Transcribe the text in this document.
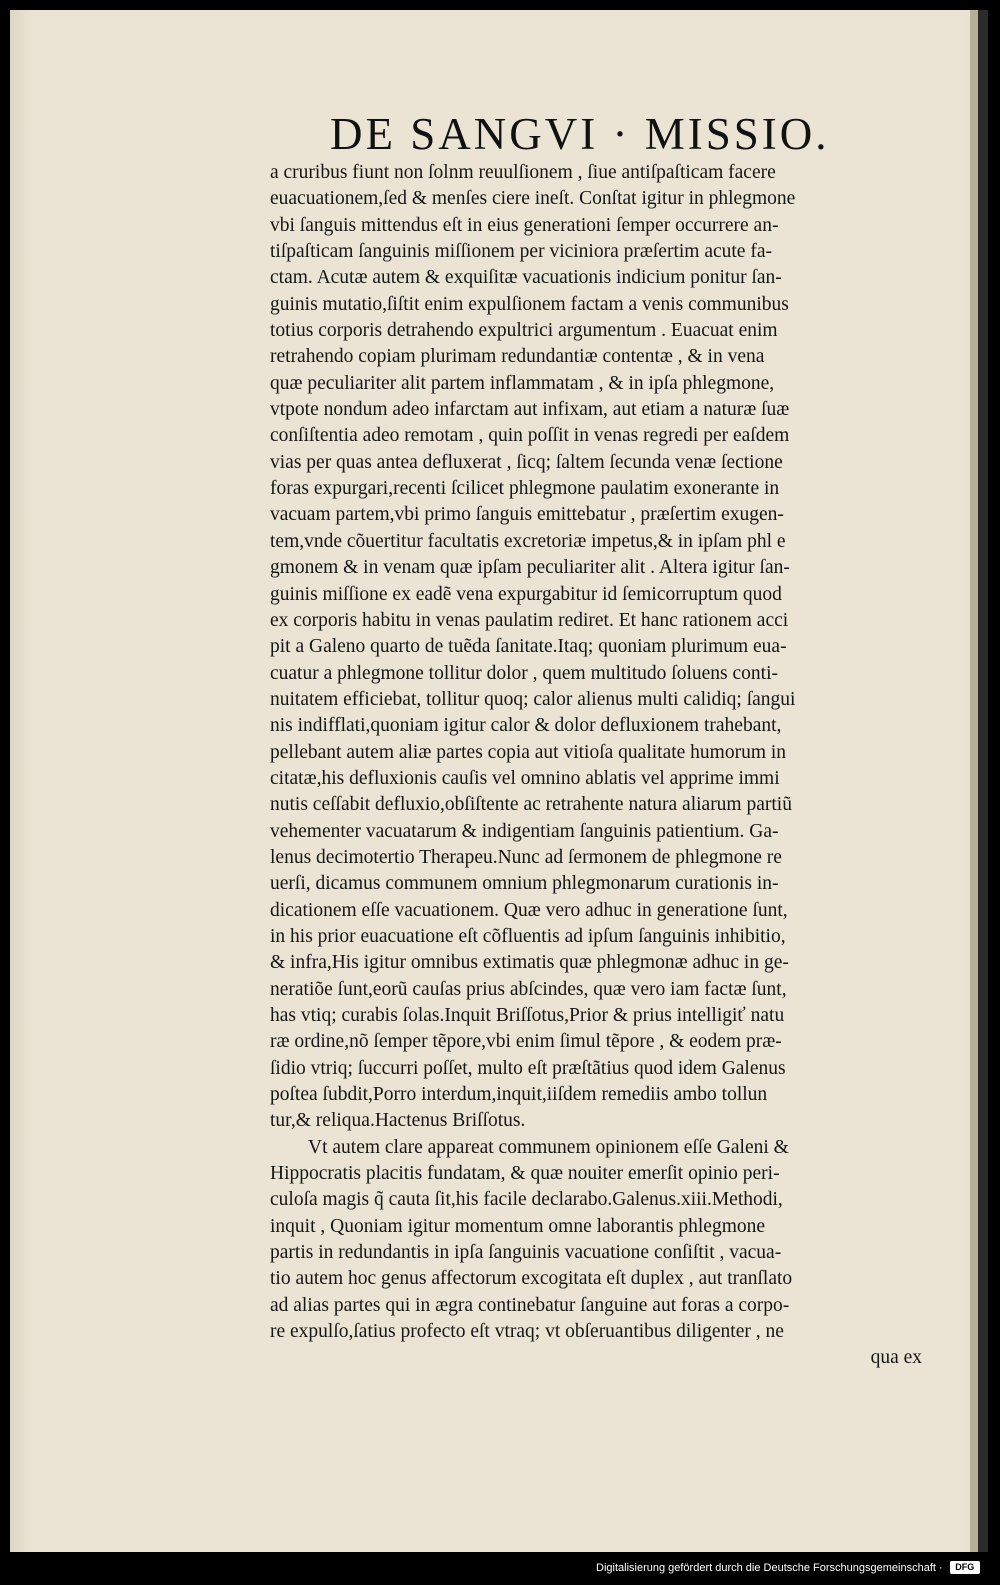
DE SANGVI · MISSIO.
a cruribus fiunt non ſolnm reuulſionem , ſiue antiſpaſticam facere
euacuationem,ſed & menſes ciere ineſt. Conſtat igitur in phlegmone
vbi ſanguis mittendus eſt in eius generationi ſemper occurrere an-
tiſpaſticam ſanguinis miſſionem per viciniora præſertim acute fa-
ctam. Acutæ autem & exquiſitæ vacuationis indicium ponitur ſan-
guinis mutatio,ſiſtit enim expulſionem factam a venis communibus
totius corporis detrahendo expultrici argumentum . Euacuat enim
retrahendo copiam plurimam redundantiæ contentæ , & in vena
quæ peculiariter alit partem inflammatam , & in ipſa phlegmone,
vtpote nondum adeo infarctam aut infixam, aut etiam a naturæ ſuæ
conſiſtentia adeo remotam , quin poſſit in venas regredi per eaſdem
vias per quas antea defluxerat , ſicq; ſaltem ſecunda venæ ſectione
foras expurgari,recenti ſcilicet phlegmone paulatim exonerante in
vacuam partem,vbi primo ſanguis emittebatur , præſertim exugen-
tem,vnde cõuertitur facultatis excretoriæ impetus,& in ipſam phl e
gmonem & in venam quæ ipſam peculiariter alit . Altera igitur ſan-
guinis miſſione ex eadẽ vena expurgabitur id ſemicorruptum quod
ex corporis habitu in venas paulatim rediret. Et hanc rationem acci
pit a Galeno quarto de tuẽda ſanitate.Itaq; quoniam plurimum eua-
cuatur a phlegmone tollitur dolor , quem multitudo ſoluens conti-
nuitatem efficiebat, tollitur quoq; calor alienus multi calidiq; ſangui
nis indifflati,quoniam igitur calor & dolor defluxionem trahebant,
pellebant autem aliæ partes copia aut vitioſa qualitate humorum in
citatæ,his defluxionis cauſis vel omnino ablatis vel apprime immi
nutis ceſſabit defluxio,obſiſtente ac retrahente natura aliarum partiũ
vehementer vacuatarum & indigentiam ſanguinis patientium. Ga-
lenus decimotertio Therapeu.Nunc ad ſermonem de phlegmone re
uerſi, dicamus communem omnium phlegmonarum curationis in-
dicationem eſſe vacuationem. Quæ vero adhuc in generatione ſunt,
in his prior euacuatione eſt cõfluentis ad ipſum ſanguinis inhibitio,
& infra,His igitur omnibus extimatis quæ phlegmonæ adhuc in ge-
neratiõe ſunt,eorũ cauſas prius abſcindes, quæ vero iam factæ ſunt,
has vtiq; curabis ſolas.Inquit Briſſotus,Prior & prius intelligiť natu
ræ ordine,nõ ſemper tẽpore,vbi enim ſimul tẽpore , & eodem præ-
ſidio vtriq; ſuccurri poſſet, multo eſt præſtãtius quod idem Galenus
poſtea ſubdit,Porro interdum,inquit,iiſdem remediis ambo tollun
tur,& reliqua.Hactenus Briſſotus.
Vt autem clare appareat communem opinionem eſſe Galeni &
Hippocratis placitis fundatam, & quæ nouiter emerſit opinio peri-
culoſa magis q̃ cauta ſit,his facile declarabo.Galenus.xiii.Methodi,
inquit , Quoniam igitur momentum omne laborantis phlegmone
partis in redundantis in ipſa ſanguinis vacuatione conſiſtit , vacua-
tio autem hoc genus affectorum excogitata eſt duplex , aut tranſlato
ad alias partes qui in ægra continebatur ſanguine aut foras a corpo-
re expulſo,ſatius profecto eſt vtraq; vt obſeruantibus diligenter , ne
qua ex
Digitalisierung gefördert durch die Deutsche Forschungsgemeinschaft · DFG
